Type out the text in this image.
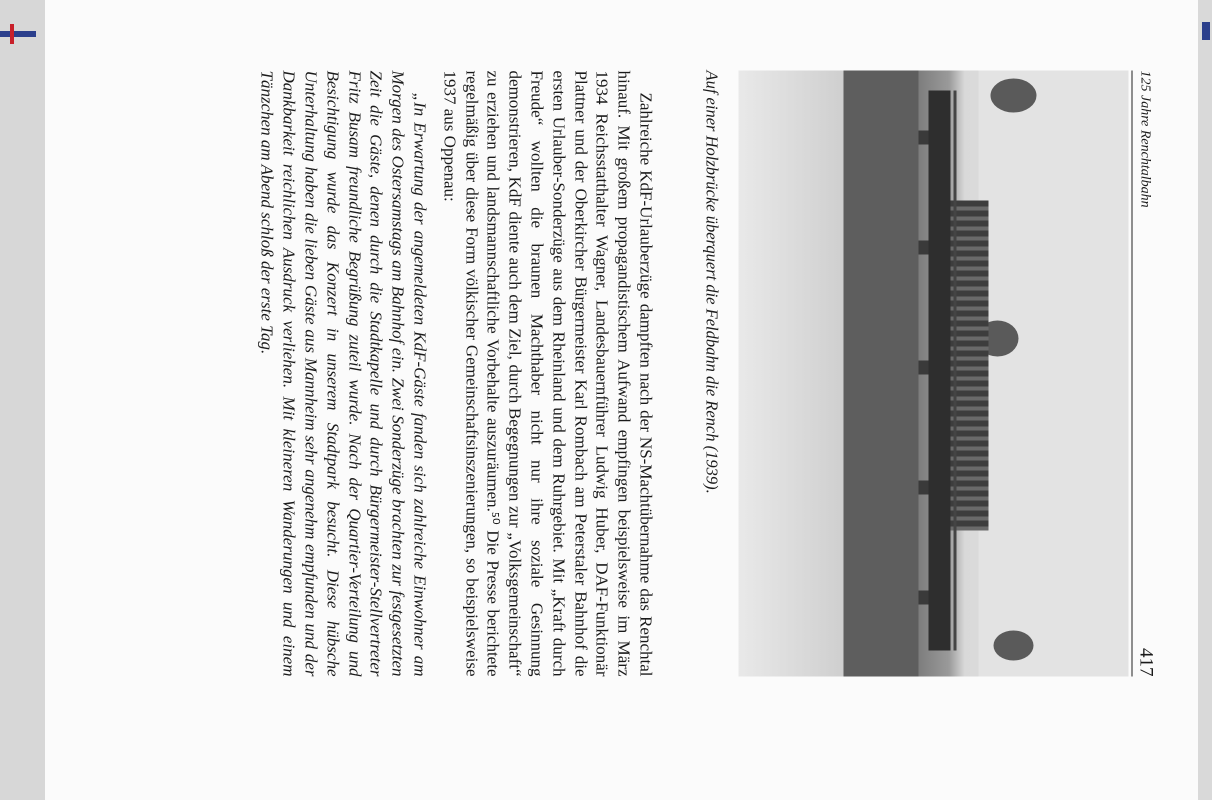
125 Jahre Renchtalbahn
417
Auf einer Holzbrücke überquert die Feldbahn die Rench (1939).

Zahlreiche KdF-Urlauberzüge dampften nach der NS-Machtübernahme das Renchtal hinauf. Mit großem propagandistischem Aufwand empfingen beispielsweise im März 1934 Reichsstatthalter Wagner, Landesbauernführer Ludwig Huber, DAF-Funktionär Plattner und der Oberkircher Bürgermeister Karl Rombach am Peterstaler Bahnhof die ersten Urlauber-Sonderzüge aus dem Rheinland und dem Ruhrgebiet. Mit „Kraft durch Freude“ wollten die braunen Machthaber nicht nur ihre soziale Gesinnung demonstrieren, KdF diente auch dem Ziel, durch Begegnungen zur „Volksgemeinschaft“ zu erziehen und landsmannschaftliche Vorbehalte auszuräumen.⁵⁰ Die Presse berichtete regelmäßig über diese Form völkischer Gemeinschaftsinszenierungen, so beispielsweise 1937 aus Oppenau:

„In Erwartung der angemeldeten KdF-Gäste fanden sich zahlreiche Einwohner am Morgen des Ostersamstags am Bahnhof ein. Zwei Sonderzüge brachten zur festgesetzten Zeit die Gäste, denen durch die Stadtkapelle und durch Bürgermeister-Stellvertreter Fritz Busam freundliche Begrüßung zuteil wurde. Nach der Quartier-Verteilung und Besichtigung wurde das Konzert in unserem Stadtpark besucht. Diese hübsche Unterhaltung haben die lieben Gäste aus Mannheim sehr angenehm empfunden und der Dankbarkeit reichlichen Ausdruck verliehen. Mit kleineren Wanderungen und einem Tänzchen am Abend schloß der erste Tag.
